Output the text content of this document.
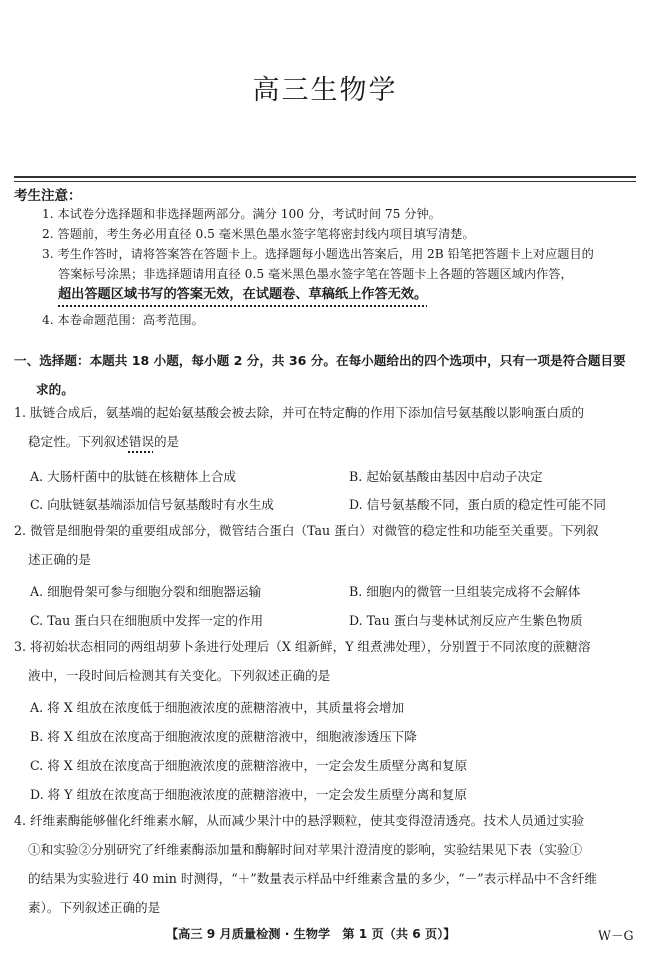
高三生物学
考生注意：
1. 本试卷分选择题和非选择题两部分。满分 100 分，考试时间 75 分钟。
2. 答题前，考生务必用直径 0.5 毫米黑色墨水签字笔将密封线内项目填写清楚。
3. 考生作答时，请将答案答在答题卡上。选择题每小题选出答案后，用 2B 铅笔把答题卡上对应题目的
答案标号涂黑；非选择题请用直径 0.5 毫米黑色墨水签字笔在答题卡上各题的答题区域内作答，
超出答题区域书写的答案无效，在试题卷、草稿纸上作答无效。
4. 本卷命题范围：高考范围。
一、选择题：本题共 18 小题，每小题 2 分，共 36 分。在每小题给出的四个选项中，只有一项是符合题目要
求的。
1. 肽链合成后，氨基端的起始氨基酸会被去除，并可在特定酶的作用下添加信号氨基酸以影响蛋白质的
稳定性。下列叙述错误的是
A. 大肠杆菌中的肽链在核糖体上合成	B. 起始氨基酸由基因中启动子决定
C. 向肽链氨基端添加信号氨基酸时有水生成	D. 信号氨基酸不同，蛋白质的稳定性可能不同
2. 微管是细胞骨架的重要组成部分，微管结合蛋白（Tau 蛋白）对微管的稳定性和功能至关重要。下列叙
述正确的是
A. 细胞骨架可参与细胞分裂和细胞器运输	B. 细胞内的微管一旦组装完成将不会解体
C. Tau 蛋白只在细胞质中发挥一定的作用	D. Tau 蛋白与斐林试剂反应产生紫色物质
3. 将初始状态相同的两组胡萝卜条进行处理后（X 组新鲜，Y 组煮沸处理），分别置于不同浓度的蔗糖溶
液中，一段时间后检测其有关变化。下列叙述正确的是
A. 将 X 组放在浓度低于细胞液浓度的蔗糖溶液中，其质量将会增加
B. 将 X 组放在浓度高于细胞液浓度的蔗糖溶液中，细胞液渗透压下降
C. 将 X 组放在浓度高于细胞液浓度的蔗糖溶液中，一定会发生质壁分离和复原
D. 将 Y 组放在浓度高于细胞液浓度的蔗糖溶液中，一定会发生质壁分离和复原
4. 纤维素酶能够催化纤维素水解，从而减少果汁中的悬浮颗粒，使其变得澄清透亮。技术人员通过实验
①和实验②分别研究了纤维素酶添加量和酶解时间对苹果汁澄清度的影响，实验结果见下表（实验①
的结果为实验进行 40 min 时测得，“＋”数量表示样品中纤维素含量的多少，“－”表示样品中不含纤维
素）。下列叙述正确的是
【高三 9 月质量检测 · 生物学　第 1 页（共 6 页）】	W－G
